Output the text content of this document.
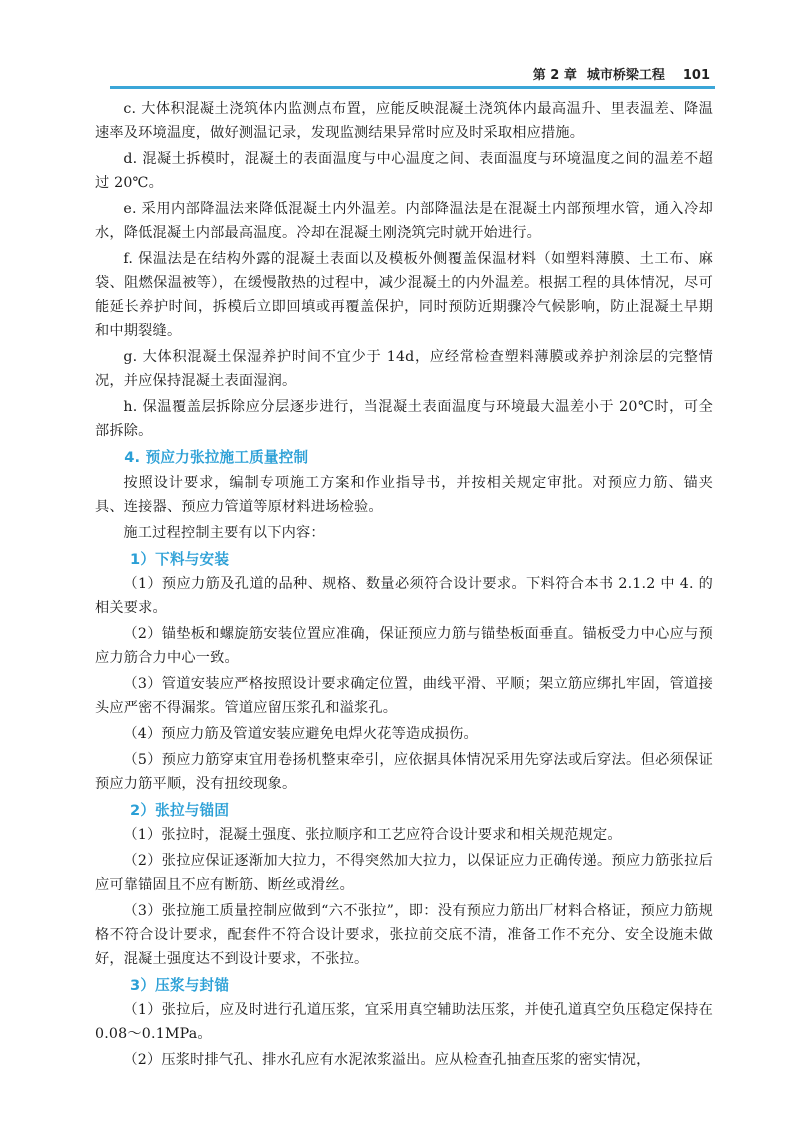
第 2 章 城市桥梁工程 101

c. 大体积混凝土浇筑体内监测点布置，应能反映混凝土浇筑体内最高温升、里表温差、降温速率及环境温度，做好测温记录，发现监测结果异常时应及时采取相应措施。

d. 混凝土拆模时，混凝土的表面温度与中心温度之间、表面温度与环境温度之间的温差不超过 20℃。

e. 采用内部降温法来降低混凝土内外温差。内部降温法是在混凝土内部预埋水管，通入冷却水，降低混凝土内部最高温度。冷却在混凝土刚浇筑完时就开始进行。

f. 保温法是在结构外露的混凝土表面以及模板外侧覆盖保温材料（如塑料薄膜、土工布、麻袋、阻燃保温被等），在缓慢散热的过程中，减少混凝土的内外温差。根据工程的具体情况，尽可能延长养护时间，拆模后立即回填或再覆盖保护，同时预防近期骤冷气候影响，防止混凝土早期和中期裂缝。

g. 大体积混凝土保湿养护时间不宜少于 14d，应经常检查塑料薄膜或养护剂涂层的完整情况，并应保持混凝土表面湿润。

h. 保温覆盖层拆除应分层逐步进行，当混凝土表面温度与环境最大温差小于 20℃时，可全部拆除。

4. 预应力张拉施工质量控制

按照设计要求，编制专项施工方案和作业指导书，并按相关规定审批。对预应力筋、锚夹具、连接器、预应力管道等原材料进场检验。

施工过程控制主要有以下内容：

1）下料与安装

（1）预应力筋及孔道的品种、规格、数量必须符合设计要求。下料符合本书 2.1.2 中 4. 的相关要求。

（2）锚垫板和螺旋筋安装位置应准确，保证预应力筋与锚垫板面垂直。锚板受力中心应与预应力筋合力中心一致。

（3）管道安装应严格按照设计要求确定位置，曲线平滑、平顺；架立筋应绑扎牢固，管道接头应严密不得漏浆。管道应留压浆孔和溢浆孔。

（4）预应力筋及管道安装应避免电焊火花等造成损伤。

（5）预应力筋穿束宜用卷扬机整束牵引，应依据具体情况采用先穿法或后穿法。但必须保证预应力筋平顺，没有扭绞现象。

2）张拉与锚固

（1）张拉时，混凝土强度、张拉顺序和工艺应符合设计要求和相关规范规定。

（2）张拉应保证逐渐加大拉力，不得突然加大拉力，以保证应力正确传递。预应力筋张拉后应可靠锚固且不应有断筋、断丝或滑丝。

（3）张拉施工质量控制应做到“六不张拉”，即：没有预应力筋出厂材料合格证，预应力筋规格不符合设计要求，配套件不符合设计要求，张拉前交底不清，准备工作不充分、安全设施未做好，混凝土强度达不到设计要求，不张拉。

3）压浆与封锚

（1）张拉后，应及时进行孔道压浆，宜采用真空辅助法压浆，并使孔道真空负压稳定保持在 0.08～0.1MPa。

（2）压浆时排气孔、排水孔应有水泥浓浆溢出。应从检查孔抽查压浆的密实情况，
